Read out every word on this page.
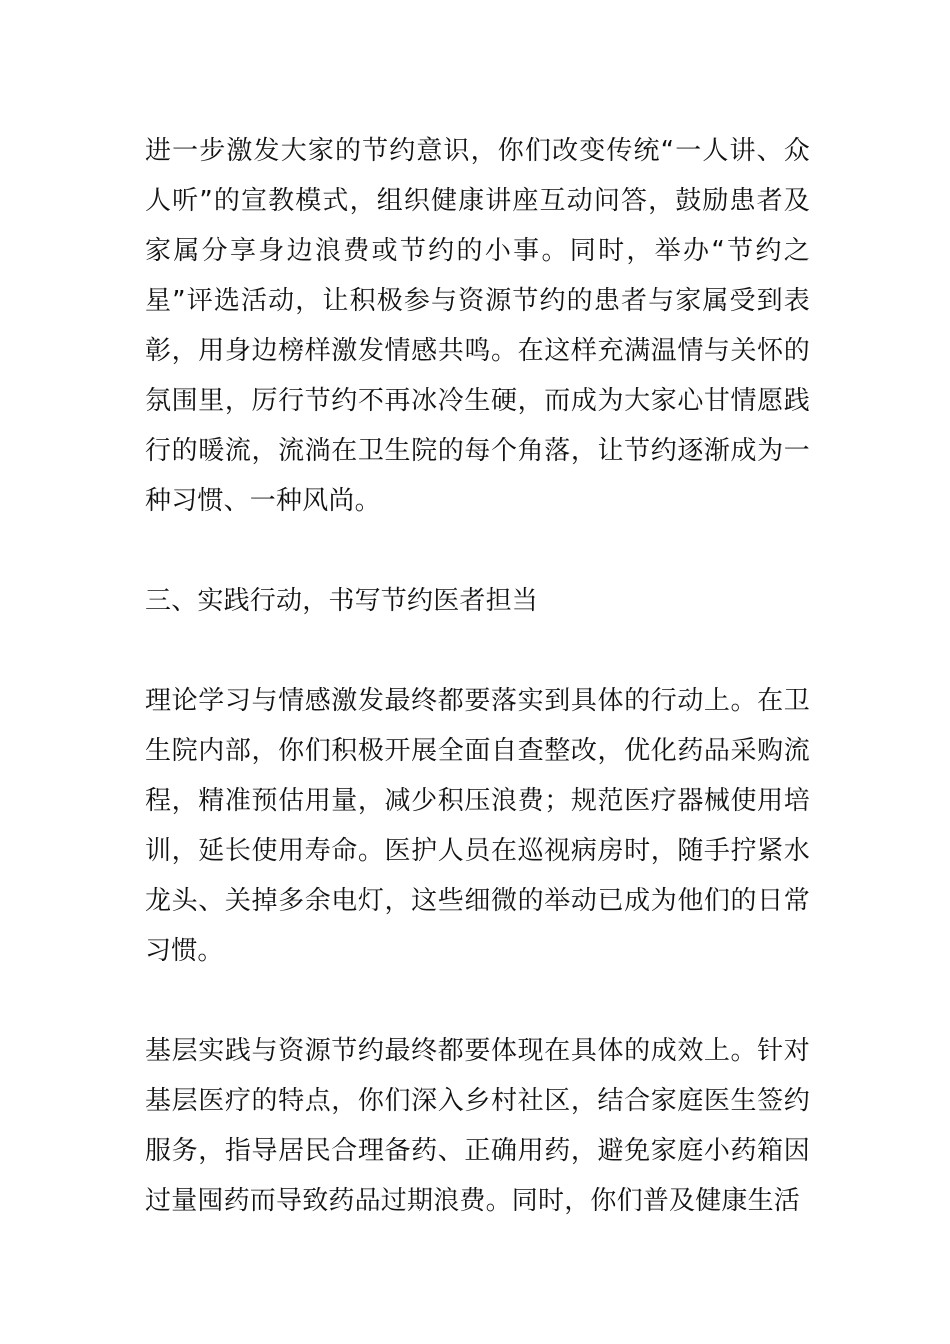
进一步激发大家的节约意识，你们改变传统“一人讲、众人听”的宣教模式，组织健康讲座互动问答，鼓励患者及家属分享身边浪费或节约的小事。同时，举办“节约之星”评选活动，让积极参与资源节约的患者与家属受到表彰，用身边榜样激发情感共鸣。在这样充满温情与关怀的氛围里，厉行节约不再冰冷生硬，而成为大家心甘情愿践行的暖流，流淌在卫生院的每个角落，让节约逐渐成为一种习惯、一种风尚。

三、实践行动，书写节约医者担当

理论学习与情感激发最终都要落实到具体的行动上。在卫生院内部，你们积极开展全面自查整改，优化药品采购流程，精准预估用量，减少积压浪费；规范医疗器械使用培训，延长使用寿命。医护人员在巡视病房时，随手拧紧水龙头、关掉多余电灯，这些细微的举动已成为他们的日常习惯。

基层实践与资源节约最终都要体现在具体的成效上。针对基层医疗的特点，你们深入乡村社区，结合家庭医生签约服务，指导居民合理备药、正确用药，避免家庭小药箱因过量囤药而导致药品过期浪费。同时，你们普及健康生活
